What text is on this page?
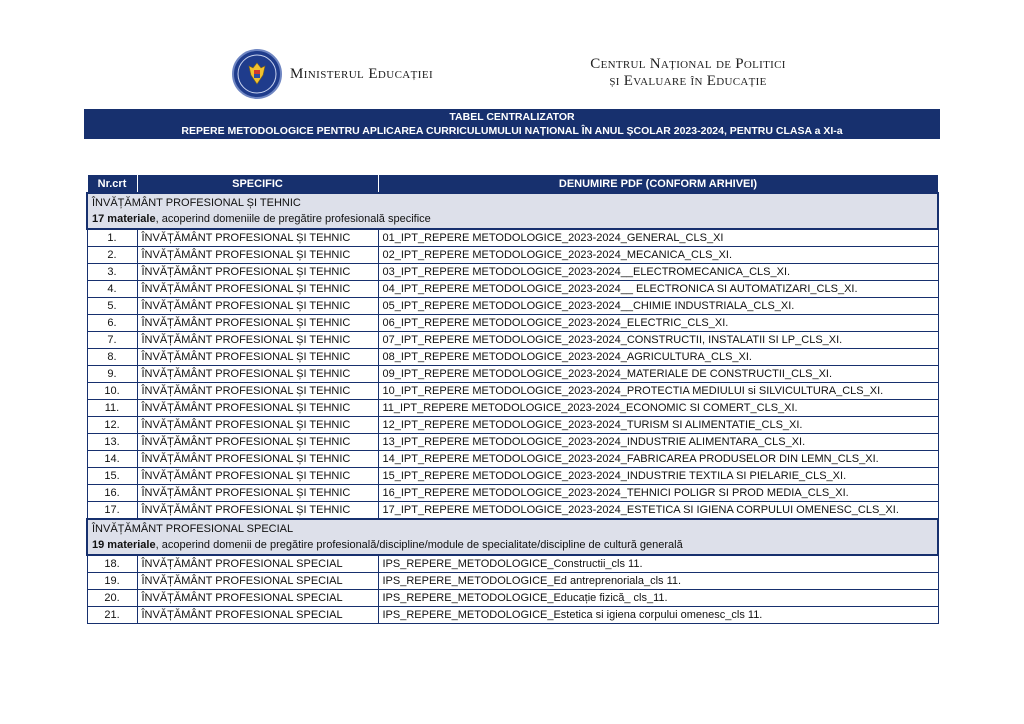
Ministerul Educației
Centrul Național de Politici
și Evaluare în Educație
TABEL CENTRALIZATOR
REPERE METODOLOGICE PENTRU APLICAREA CURRICULUMULUI NAȚIONAL ÎN ANUL ȘCOLAR 2023-2024, PENTRU CLASA a XI-a
Nr.crt	SPECIFIC	DENUMIRE PDF (CONFORM ARHIVEI)

ÎNVĂȚĂMÂNT PROFESIONAL ȘI TEHNIC
17 materiale, acoperind domeniile de pregătire profesională specifice		

1.	ÎNVĂȚĂMÂNT PROFESIONAL ȘI TEHNIC	01_IPT_REPERE METODOLOGICE_2023-2024_GENERAL_CLS_XI
2.	ÎNVĂȚĂMÂNT PROFESIONAL ȘI TEHNIC	02_IPT_REPERE METODOLOGICE_2023-2024_MECANICA_CLS_XI.
3.	ÎNVĂȚĂMÂNT PROFESIONAL ȘI TEHNIC	03_IPT_REPERE METODOLOGICE_2023-2024__ELECTROMECANICA_CLS_XI.
4.	ÎNVĂȚĂMÂNT PROFESIONAL ȘI TEHNIC	04_IPT_REPERE METODOLOGICE_2023-2024__ ELECTRONICA SI AUTOMATIZARI_CLS_XI.
5.	ÎNVĂȚĂMÂNT PROFESIONAL ȘI TEHNIC	05_IPT_REPERE METODOLOGICE_2023-2024__CHIMIE INDUSTRIALA_CLS_XI.
6.	ÎNVĂȚĂMÂNT PROFESIONAL ȘI TEHNIC	06_IPT_REPERE METODOLOGICE_2023-2024_ELECTRIC_CLS_XI.
7.	ÎNVĂȚĂMÂNT PROFESIONAL ȘI TEHNIC	07_IPT_REPERE METODOLOGICE_2023-2024_CONSTRUCTII, INSTALATII SI LP_CLS_XI.
8.	ÎNVĂȚĂMÂNT PROFESIONAL ȘI TEHNIC	08_IPT_REPERE METODOLOGICE_2023-2024_AGRICULTURA_CLS_XI.
9.	ÎNVĂȚĂMÂNT PROFESIONAL ȘI TEHNIC	09_IPT_REPERE METODOLOGICE_2023-2024_MATERIALE DE CONSTRUCTII_CLS_XI.
10.	ÎNVĂȚĂMÂNT PROFESIONAL ȘI TEHNIC	10_IPT_REPERE METODOLOGICE_2023-2024_PROTECTIA MEDIULUI si SILVICULTURA_CLS_XI.
11.	ÎNVĂȚĂMÂNT PROFESIONAL ȘI TEHNIC	11_IPT_REPERE METODOLOGICE_2023-2024_ECONOMIC SI COMERT_CLS_XI.
12.	ÎNVĂȚĂMÂNT PROFESIONAL ȘI TEHNIC	12_IPT_REPERE METODOLOGICE_2023-2024_TURISM SI ALIMENTATIE_CLS_XI.
13.	ÎNVĂȚĂMÂNT PROFESIONAL ȘI TEHNIC	13_IPT_REPERE METODOLOGICE_2023-2024_INDUSTRIE ALIMENTARA_CLS_XI.
14.	ÎNVĂȚĂMÂNT PROFESIONAL ȘI TEHNIC	14_IPT_REPERE METODOLOGICE_2023-2024_FABRICAREA PRODUSELOR DIN LEMN_CLS_XI.
15.	ÎNVĂȚĂMÂNT PROFESIONAL ȘI TEHNIC	15_IPT_REPERE METODOLOGICE_2023-2024_INDUSTRIE TEXTILA SI PIELARIE_CLS_XI.
16.	ÎNVĂȚĂMÂNT PROFESIONAL ȘI TEHNIC	16_IPT_REPERE METODOLOGICE_2023-2024_TEHNICI POLIGR SI PROD MEDIA_CLS_XI.
17.	ÎNVĂȚĂMÂNT PROFESIONAL ȘI TEHNIC	17_IPT_REPERE METODOLOGICE_2023-2024_ESTETICA SI IGIENA CORPULUI OMENESC_CLS_XI.

ÎNVĂȚĂMÂNT PROFESIONAL SPECIAL
19 materiale, acoperind domenii de pregătire profesională/discipline/module de specialitate/discipline de cultură generală		

18.	ÎNVĂȚĂMÂNT PROFESIONAL SPECIAL	IPS_REPERE_METODOLOGICE_Constructii_cls 11.
19.	ÎNVĂȚĂMÂNT PROFESIONAL SPECIAL	IPS_REPERE_METODOLOGICE_Ed antreprenoriala_cls 11.
20.	ÎNVĂȚĂMÂNT PROFESIONAL SPECIAL	IPS_REPERE_METODOLOGICE_Educație fizică_ cls_11.
21.	ÎNVĂȚĂMÂNT PROFESIONAL SPECIAL	IPS_REPERE_METODOLOGICE_Estetica si igiena corpului omenesc_cls 11.
